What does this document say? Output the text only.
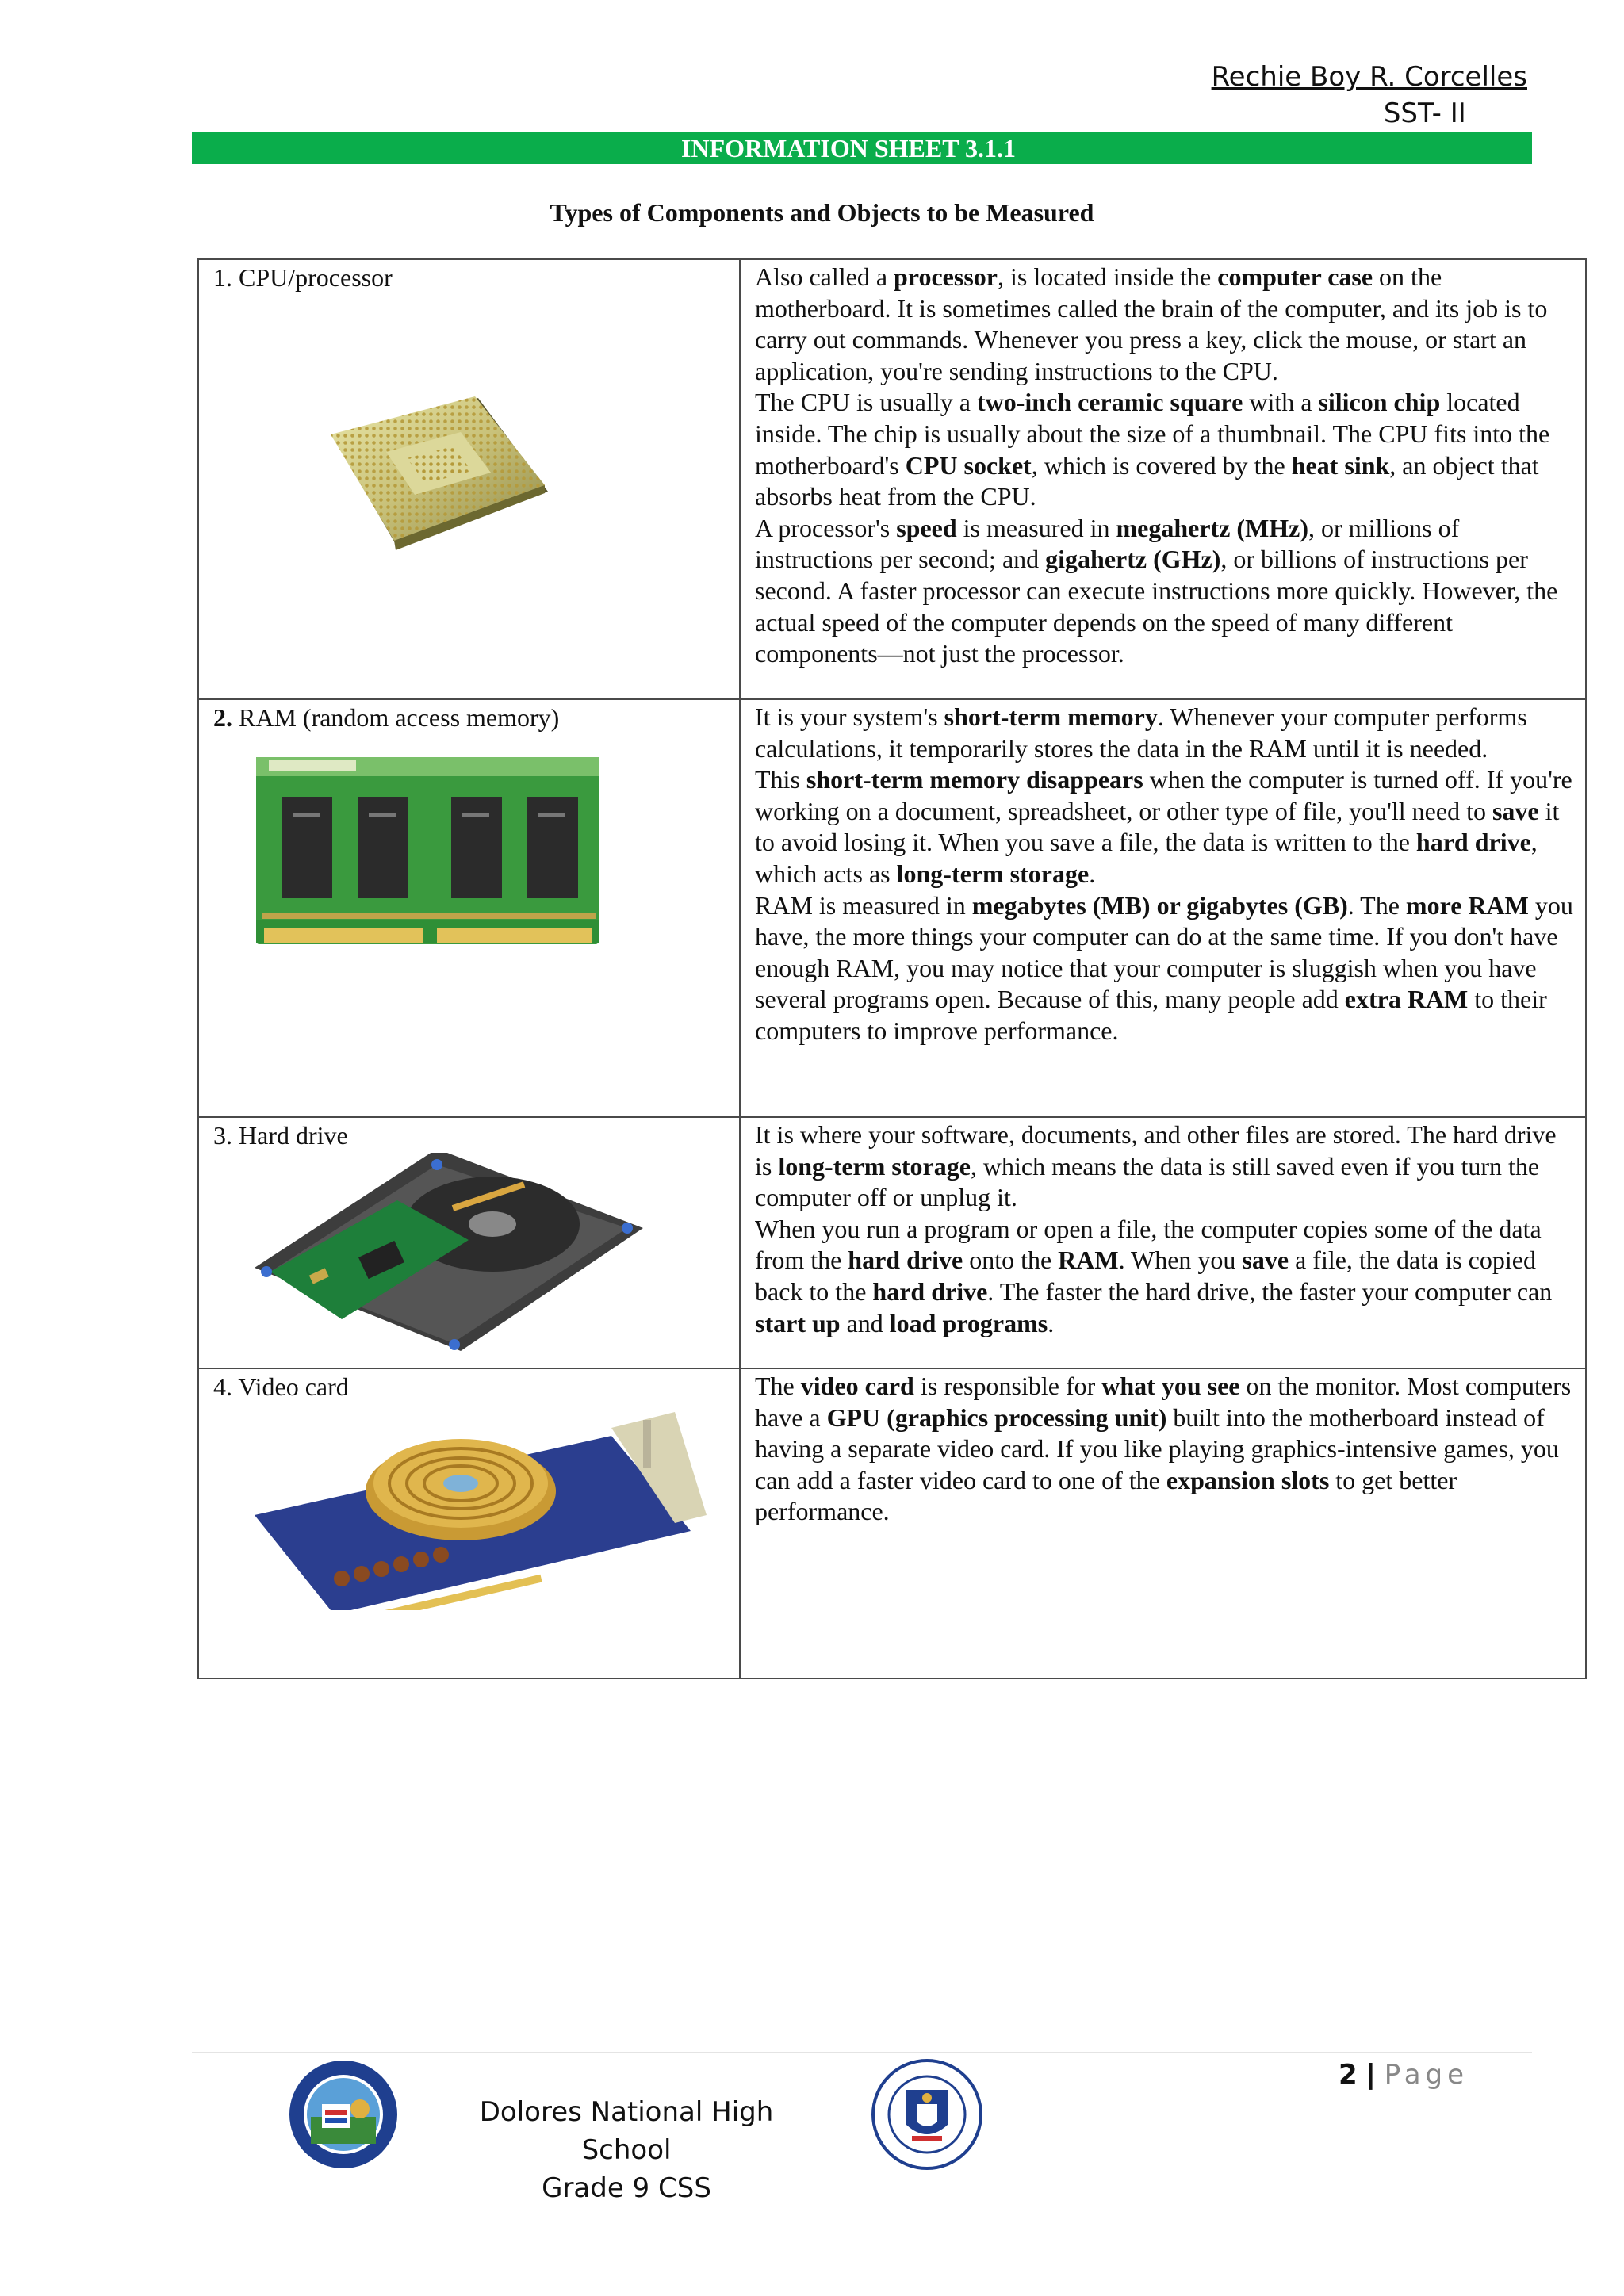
Rechie Boy R. Corcelles
SST- II
INFORMATION SHEET 3.1.1
Types of Components and Objects to be Measured
1. CPU/processor	Also called a processor, is located inside the computer case on the motherboard. It is sometimes called the brain of the computer, and its job is to carry out commands. Whenever you press a key, click the mouse, or start an application, you're sending instructions to the CPU.

The CPU is usually a two-inch ceramic square with a silicon chip located inside. The chip is usually about the size of a thumbnail. The CPU fits into the motherboard's CPU socket, which is covered by the heat sink, an object that absorbs heat from the CPU.

A processor's speed is measured in megahertz (MHz), or millions of instructions per second; and gigahertz (GHz), or billions of instructions per second. A faster processor can execute instructions more quickly. However, the actual speed of the computer depends on the speed of many different components—not just the processor.

2. RAM (random access memory)	It is your system's short-term memory. Whenever your computer performs calculations, it temporarily stores the data in the RAM until it is needed.

This short-term memory disappears when the computer is turned off. If you're working on a document, spreadsheet, or other type of file, you'll need to save it to avoid losing it. When you save a file, the data is written to the hard drive, which acts as long-term storage.

RAM is measured in megabytes (MB) or gigabytes (GB). The more RAM you have, the more things your computer can do at the same time. If you don't have enough RAM, you may notice that your computer is sluggish when you have several programs open. Because of this, many people add extra RAM to their computers to improve performance.

3. Hard drive	It is where your software, documents, and other files are stored. The hard drive is long-term storage, which means the data is still saved even if you turn the computer off or unplug it.

When you run a program or open a file, the computer copies some of the data from the hard drive onto the RAM. When you save a file, the data is copied back to the hard drive. The faster the hard drive, the faster your computer can start up and load programs.

4. Video card	The video card is responsible for what you see on the monitor. Most computers have a GPU (graphics processing unit) built into the motherboard instead of having a separate video card. If you like playing graphics-intensive games, you can add a faster video card to one of the expansion slots to get better performance.

2 | Page
Dolores National High School
Grade 9 CSS
